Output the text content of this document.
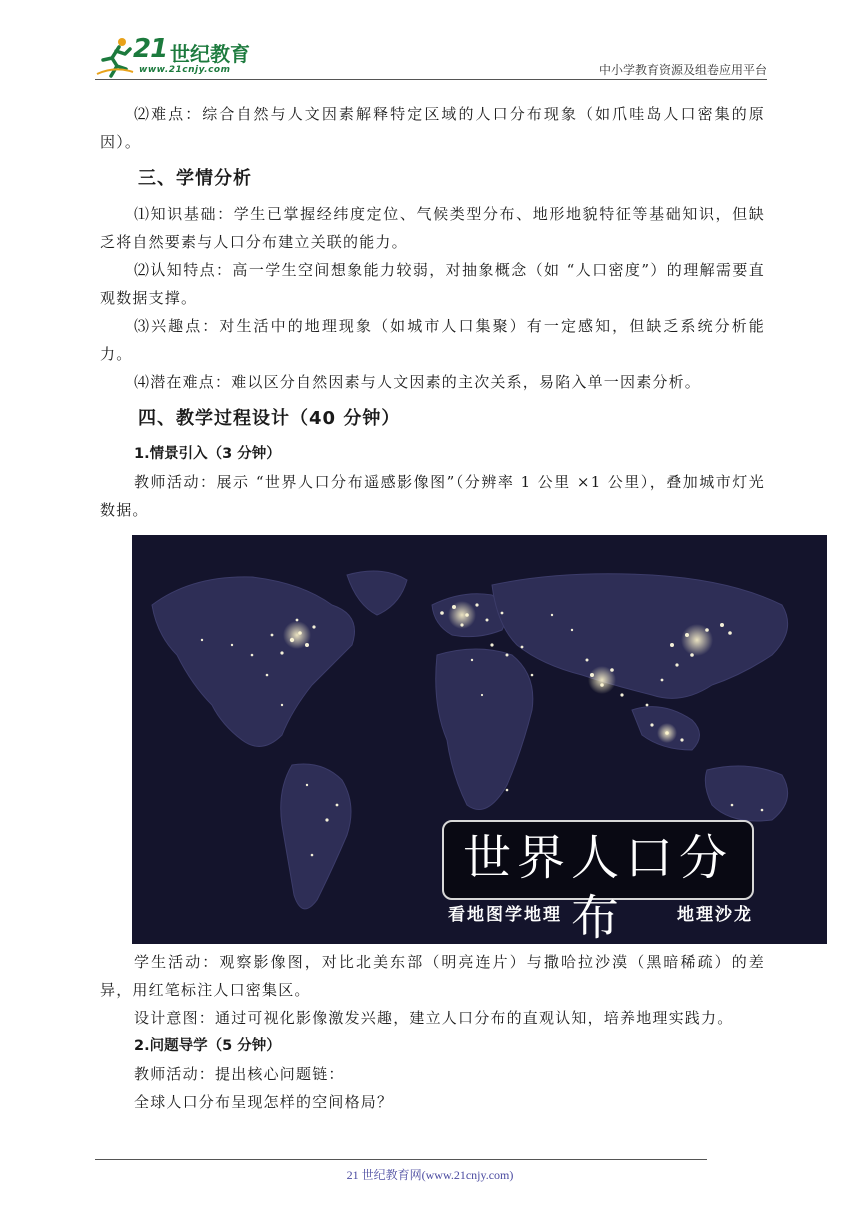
21 世纪教育
www.21cnjy.com	中小学教育资源及组卷应用平台

⑵难点：综合自然与人文因素解释特定区域的人口分布现象（如爪哇岛人口密集的原因）。

三、学情分析

⑴知识基础：学生已掌握经纬度定位、气候类型分布、地形地貌特征等基础知识，但缺乏将自然要素与人口分布建立关联的能力。

⑵认知特点：高一学生空间想象能力较弱，对抽象概念（如 “人口密度”）的理解需要直观数据支撑。

⑶兴趣点：对生活中的地理现象（如城市人口集聚）有一定感知，但缺乏系统分析能力。

⑷潜在难点：难以区分自然因素与人文因素的主次关系，易陷入单一因素分析。

四、教学过程设计（40 分钟）
1.情景引入（3 分钟）

教师活动：展示 “世界人口分布遥感影像图”（分辨率 1 公里 ×1 公里），叠加城市灯光数据。

世界人口分布
看地图学地理	地理沙龙

学生活动：观察影像图，对比北美东部（明亮连片）与撒哈拉沙漠（黑暗稀疏）的差异，用红笔标注人口密集区。

设计意图：通过可视化影像激发兴趣，建立人口分布的直观认知，培养地理实践力。

2.问题导学（5 分钟）

教师活动：提出核心问题链：

全球人口分布呈现怎样的空间格局？

21 世纪教育网(www.21cnjy.com)
